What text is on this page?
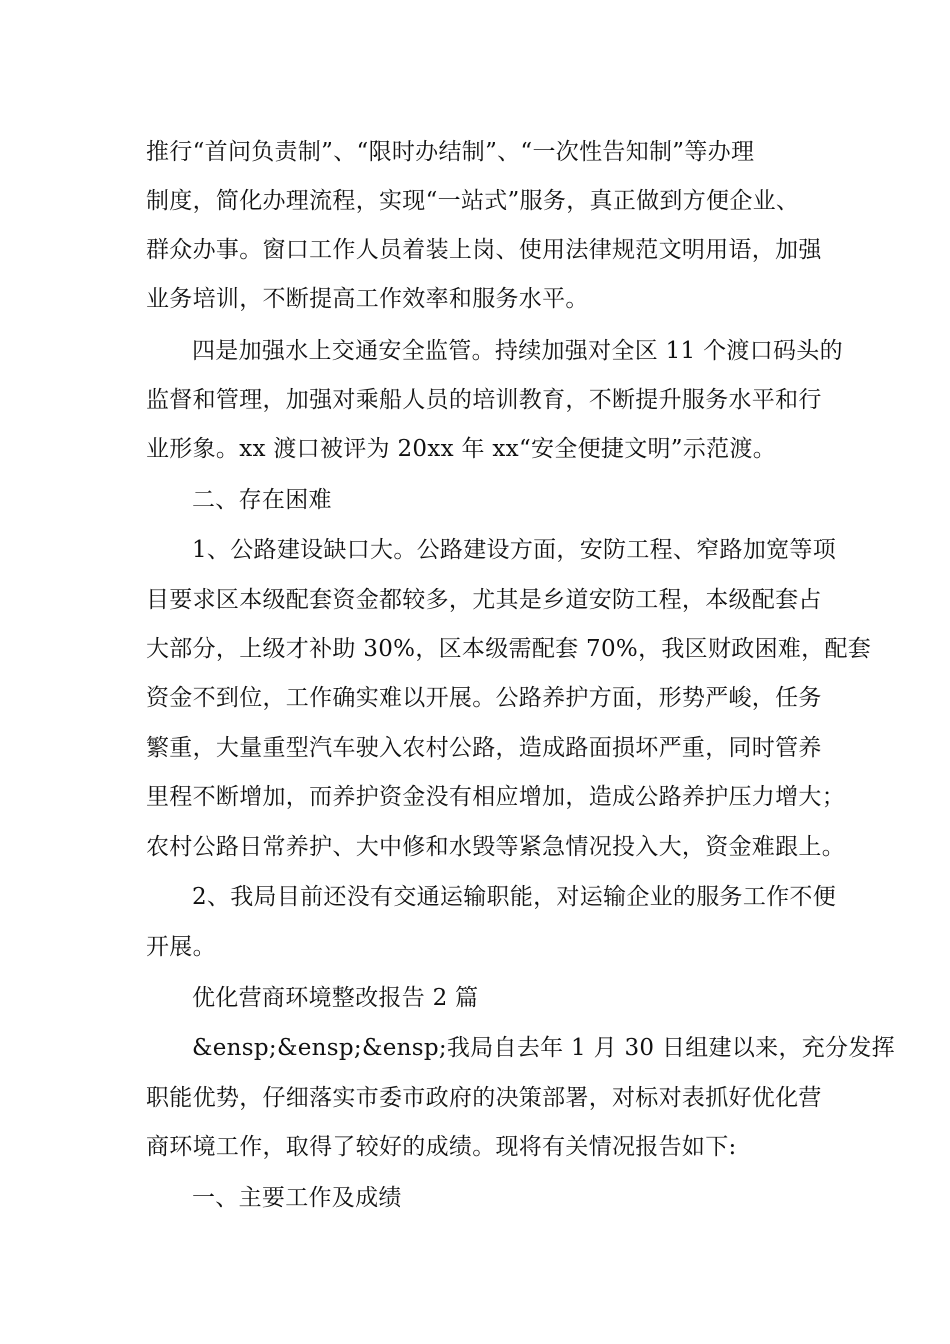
推行“首问负责制”、“限时办结制”、“一次性告知制”等办理
制度，简化办理流程，实现“一站式”服务，真正做到方便企业、
群众办事。窗口工作人员着装上岗、使用法律规范文明用语，加强
业务培训，不断提高工作效率和服务水平。
四是加强水上交通安全监管。持续加强对全区 11 个渡口码头的
监督和管理，加强对乘船人员的培训教育，不断提升服务水平和行
业形象。xx 渡口被评为 20xx 年 xx“安全便捷文明”示范渡。
二、存在困难
1、公路建设缺口大。公路建设方面，安防工程、窄路加宽等项
目要求区本级配套资金都较多，尤其是乡道安防工程，本级配套占
大部分，上级才补助 30%，区本级需配套 70%，我区财政困难，配套
资金不到位，工作确实难以开展。公路养护方面，形势严峻，任务
繁重，大量重型汽车驶入农村公路，造成路面损坏严重，同时管养
里程不断增加，而养护资金没有相应增加，造成公路养护压力增大；
农村公路日常养护、大中修和水毁等紧急情况投入大，资金难跟上。
2、我局目前还没有交通运输职能，对运输企业的服务工作不便
开展。
优化营商环境整改报告 2 篇
&ensp;&ensp;&ensp;我局自去年 1 月 30 日组建以来，充分发挥
职能优势，仔细落实市委市政府的决策部署，对标对表抓好优化营
商环境工作，取得了较好的成绩。现将有关情况报告如下:
一、主要工作及成绩
